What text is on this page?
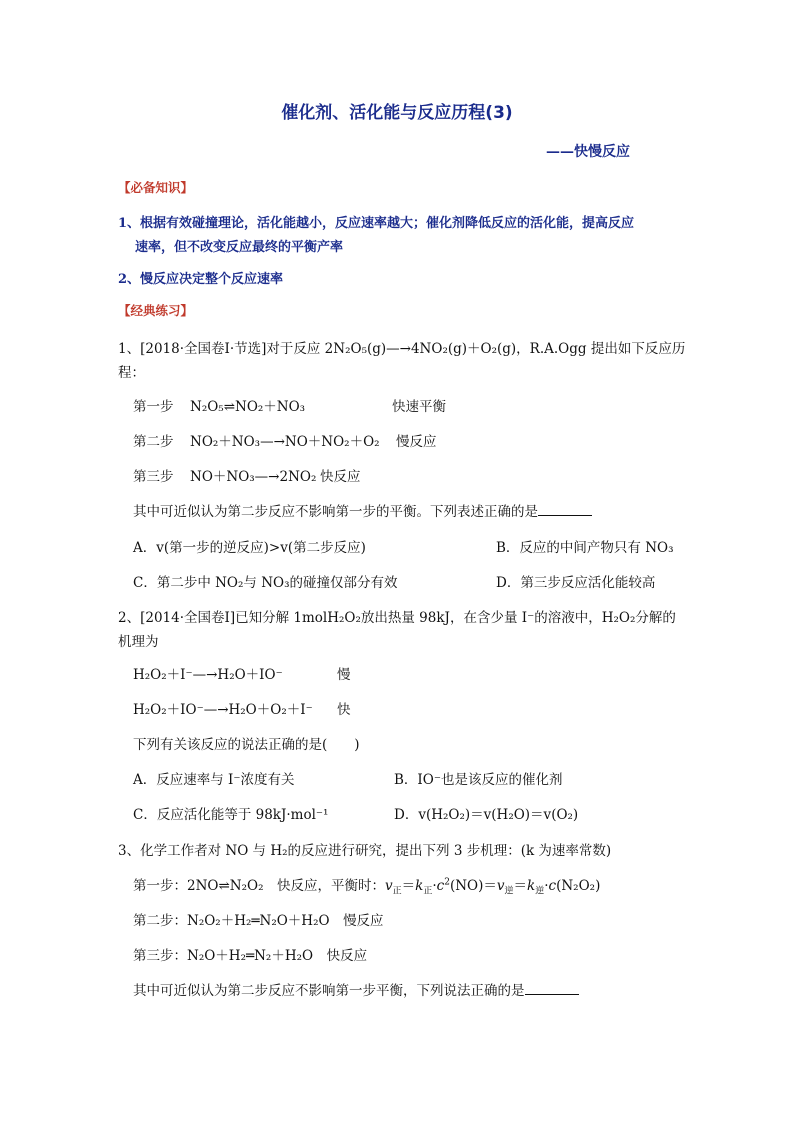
催化剂、活化能与反应历程(3)
——快慢反应
【必备知识】
1、根据有效碰撞理论，活化能越小，反应速率越大；催化剂降低反应的活化能，提高反应
速率，但不改变反应最终的平衡产率
2、慢反应决定整个反应速率
【经典练习】
1、[2018·全国卷Ⅰ·节选]对于反应 2N₂O₅(g)—→4NO₂(g)＋O₂(g)，R.A.Ogg 提出如下反应历
程：
第一步 N₂O₅⇌NO₂＋NO₃	快速平衡
第二步 NO₂＋NO₃—→NO＋NO₂＋O₂ 慢反应
第三步 NO＋NO₃—→2NO₂ 快反应
其中可近似认为第二步反应不影响第一步的平衡。下列表述正确的是
A．v(第一步的逆反应)>v(第二步反应)	B．反应的中间产物只有 NO₃
C．第二步中 NO₂与 NO₃的碰撞仅部分有效	D．第三步反应活化能较高
2、[2014·全国卷Ⅰ]已知分解 1molH₂O₂放出热量 98kJ，在含少量 I⁻的溶液中，H₂O₂分解的
机理为
H₂O₂＋I⁻—→H₂O＋IO⁻	慢
H₂O₂＋IO⁻—→H₂O＋O₂＋I⁻ 快
下列有关该反应的说法正确的是(　　)
A．反应速率与 I⁻浓度有关	B．IO⁻也是该反应的催化剂
C．反应活化能等于 98kJ·mol⁻¹	D．v(H₂O₂)＝v(H₂O)＝v(O₂)
3、化学工作者对 NO 与 H₂的反应进行研究，提出下列 3 步机理：(k 为速率常数)
第一步：2NO⇌N₂O₂　快反应，平衡时：$v_正=k_正\cdot c^2(NO)=v_逆=k_逆\cdot c(N_2O_2)$
第二步：N₂O₂＋H₂═N₂O＋H₂O　慢反应
第三步：N₂O＋H₂═N₂＋H₂O　快反应
其中可近似认为第二步反应不影响第一步平衡，下列说法正确的是
